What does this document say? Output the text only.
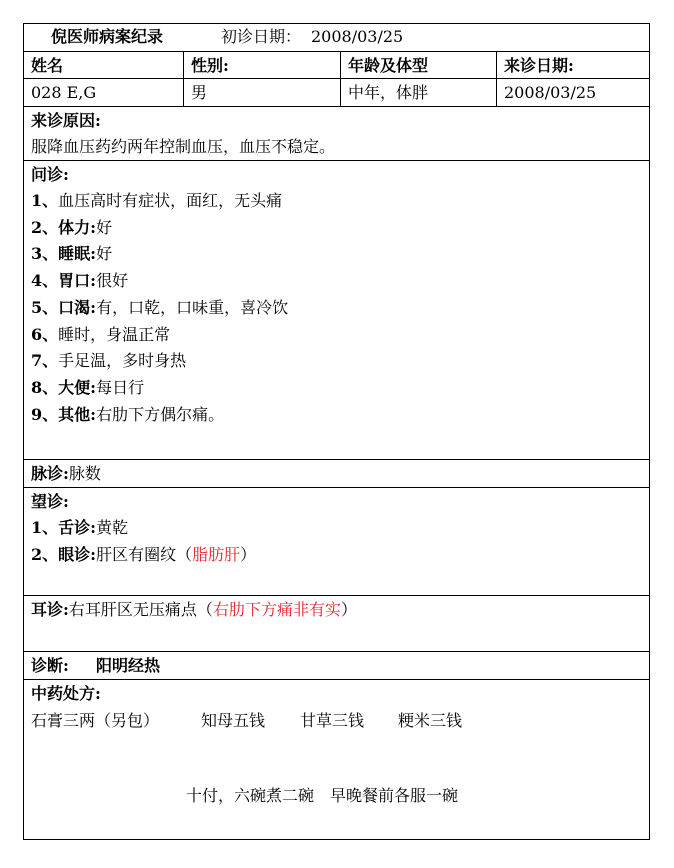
倪医师病案纪录	初诊日期： 2008/03/25
姓名	性别:	年龄及体型	来诊日期:
028 E,G	男	中年，体胖	2008/03/25
来诊原因:
服降血压药约两年控制血压，血压不稳定。
问诊:
1、血压高时有症状，面红，无头痛
2、体力:好
3、睡眠:好
4、胃口:很好
5、口渴:有，口乾，口味重，喜冷饮
6、睡时，身温正常
7、手足温，多时身热
8、大便:每日行
9、其他:右肋下方偶尔痛。
脉诊:脉数
望诊:
1、舌诊:黄乾
2、眼诊:肝区有圈纹（脂肪肝）
耳诊:右耳肝区无压痛点（右肋下方痛非有实）
诊断: 阳明经热
中药处方:
石膏三两（另包）	知母五钱 甘草三钱 粳米三钱
十付，六碗煮二碗　早晚餐前各服一碗
